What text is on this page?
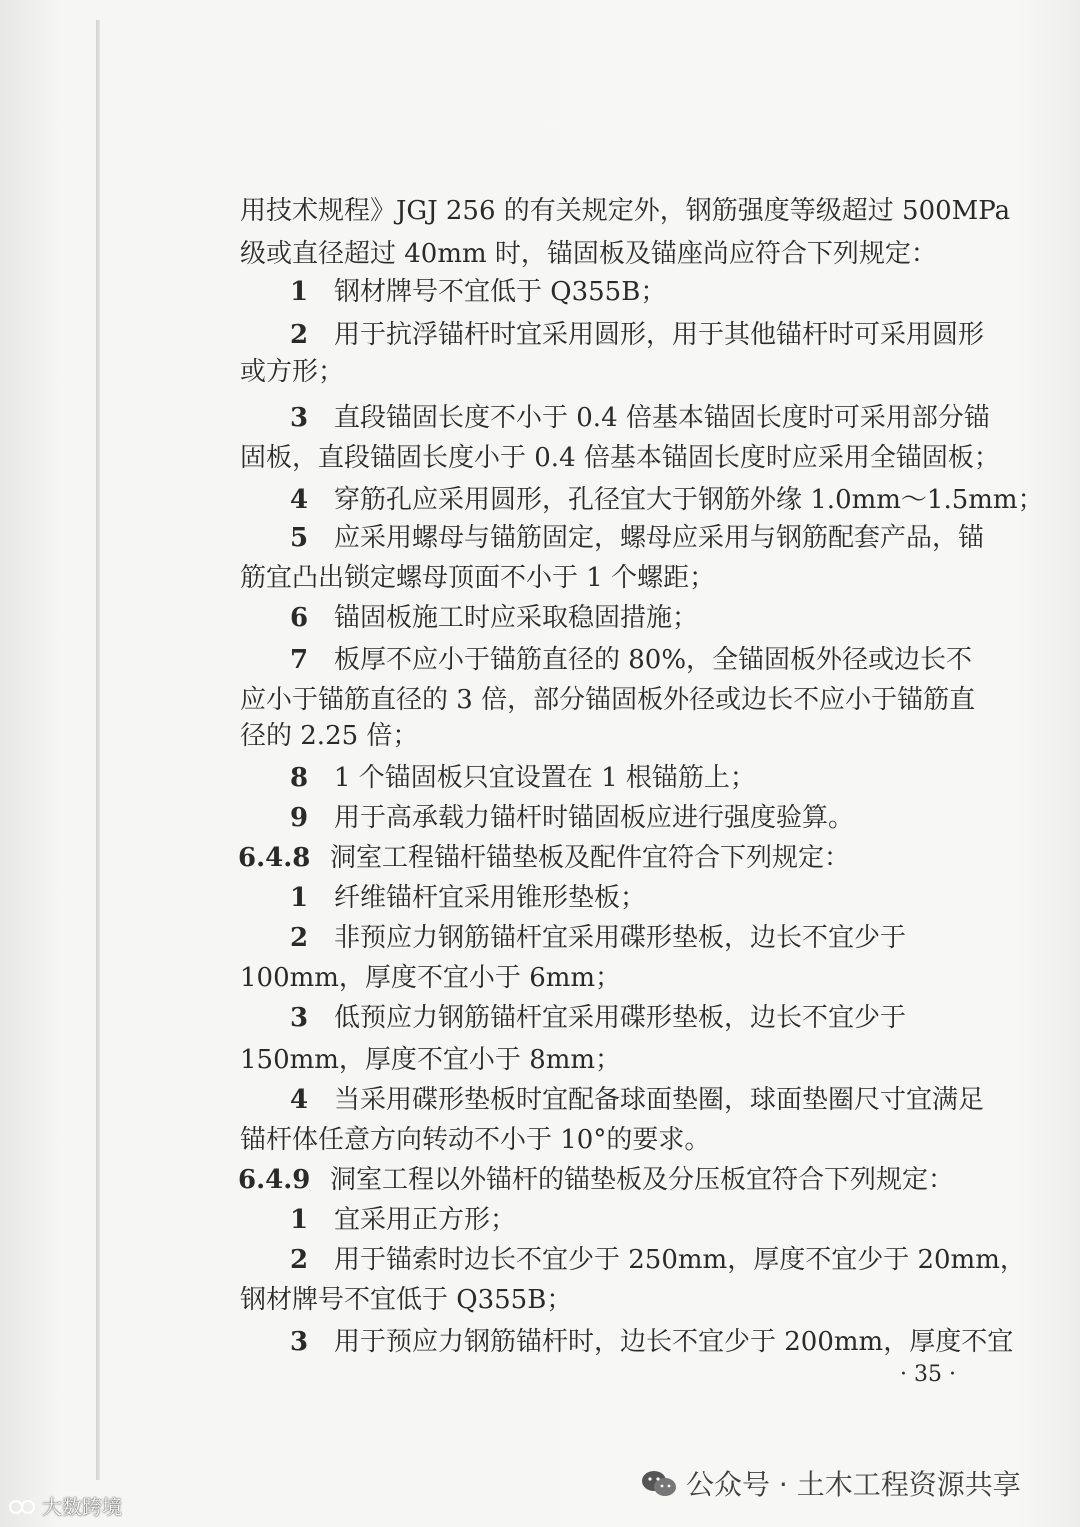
用技术规程》JGJ 256 的有关规定外，钢筋强度等级超过 500MPa
级或直径超过 40mm 时，锚固板及锚座尚应符合下列规定：
1 钢材牌号不宜低于 Q355B；
2 用于抗浮锚杆时宜采用圆形，用于其他锚杆时可采用圆形
或方形；
3 直段锚固长度不小于 0.4 倍基本锚固长度时可采用部分锚
固板，直段锚固长度小于 0.4 倍基本锚固长度时应采用全锚固板；
4 穿筋孔应采用圆形，孔径宜大于钢筋外缘 1.0mm～1.5mm；
5 应采用螺母与锚筋固定，螺母应采用与钢筋配套产品，锚
筋宜凸出锁定螺母顶面不小于 1 个螺距；
6 锚固板施工时应采取稳固措施；
7 板厚不应小于锚筋直径的 80%，全锚固板外径或边长不
应小于锚筋直径的 3 倍，部分锚固板外径或边长不应小于锚筋直
径的 2.25 倍；
8 1 个锚固板只宜设置在 1 根锚筋上；
9 用于高承载力锚杆时锚固板应进行强度验算。
6.4.8 洞室工程锚杆锚垫板及配件宜符合下列规定：
1 纤维锚杆宜采用锥形垫板；
2 非预应力钢筋锚杆宜采用碟形垫板，边长不宜少于
100mm，厚度不宜小于 6mm；
3 低预应力钢筋锚杆宜采用碟形垫板，边长不宜少于
150mm，厚度不宜小于 8mm；
4 当采用碟形垫板时宜配备球面垫圈，球面垫圈尺寸宜满足
锚杆体任意方向转动不小于 10°的要求。
6.4.9 洞室工程以外锚杆的锚垫板及分压板宜符合下列规定：
1 宜采用正方形；
2 用于锚索时边长不宜少于 250mm，厚度不宜少于 20mm，
钢材牌号不宜低于 Q355B；
3 用于预应力钢筋锚杆时，边长不宜少于 200mm，厚度不宜
· 35 ·
公众号 · 土木工程资源共享
大数跨境
